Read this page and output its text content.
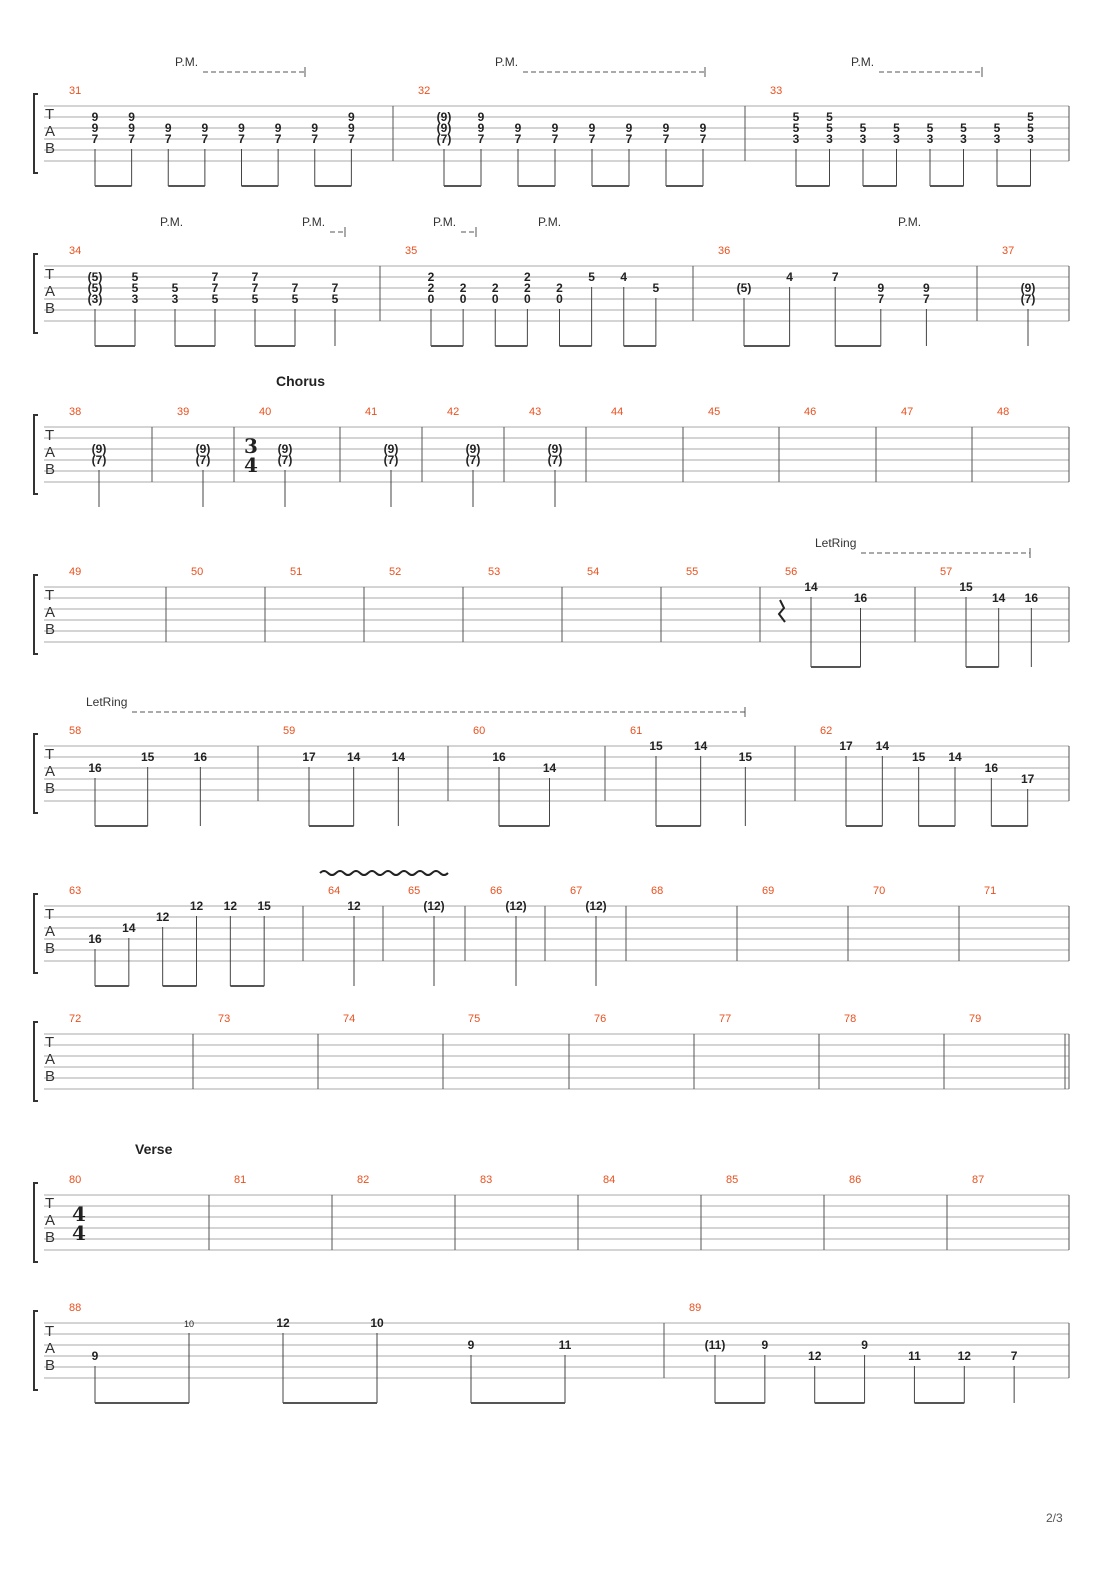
T
A
B
P.M.	P.M.	P.M.
31
9
9
7
9
9
7
9
7
9
7
9
7
9
7
9
7
9
9
7
32
(9)
(9)
(7)
9
9
7
9
7
9
7
9
7
9
7
9
7
9
7
33
5
5
3
5
5
3
5
3
5
3
5
3
5
3
5
3
5
5
3
T
A
B
P.M.	P.M.	P.M.	P.M.	P.M.
34
(5)
(5)
(3)
5
5
3
5
3
7
7
5
7
7
5
7
5
7
5
35
2
2
0
2
0
2
0
2
2
0
2
0
5 4
5
36
(5)
4	7
9
7
9
7
37
(9)
(7)
T
A
B
Chorus
3
4
38
(9)
(7)
39
(9)
(7)
40
(9)
(7)
41
(9)
(7)
42
(9)
(7)
43
(9)
(7)
44	45	46	47	48
T
A
B
LetRing
49	50	51	52	53	54	55	56
14
16
57
15
14 16
T
A
B
LetRing
58
16
15	16
59
17	14	14
60
16
14
61
15	14
15
62
17 14
15 14
16
17
T
A
B
63
16
14
12
12 12 15
64
12
65
(12)
66
(12)
67
(12)
68	69	70	71
T
A
B
72	73	74	75	76	77	78	79
T
A
B
Verse
4
4
80	81	82	83	84	85	86	87
T
A
B
88
9
10	12	10
9	11
89
(11)	9
12
9
11	12	7
2/3
